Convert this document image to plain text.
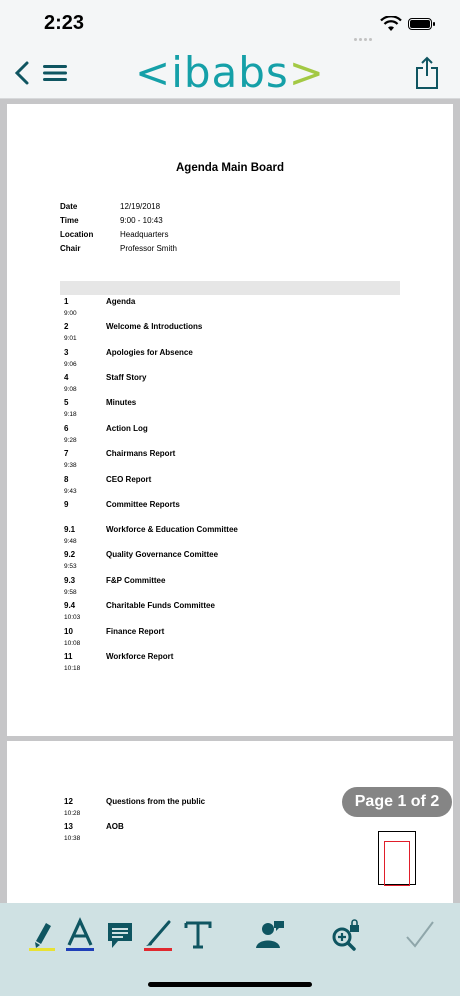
2:23
<ibabs>
Agenda Main Board
Date	12/19/2018
Time	9:00 - 10:43
Location	Headquarters
Chair	Professor Smith
1	Agenda
9:00
2	Welcome & Introductions
9:01
3	Apologies for Absence
9:06
4	Staff Story
9:08
5	Minutes
9:18
6	Action Log
9:28
7	Chairmans Report
9:38
8	CEO Report
9:43
9	Committee Reports
9.1	Workforce & Education Committee
9:48
9.2	Quality Governance Comittee
9:53
9.3	F&P Committee
9:58
9.4	Charitable Funds Committee
10:03
10	Finance Report
10:08
11	Workforce Report
10:18
12	Questions from the public
10:28
13	AOB
10:38
Page 1 of 2
